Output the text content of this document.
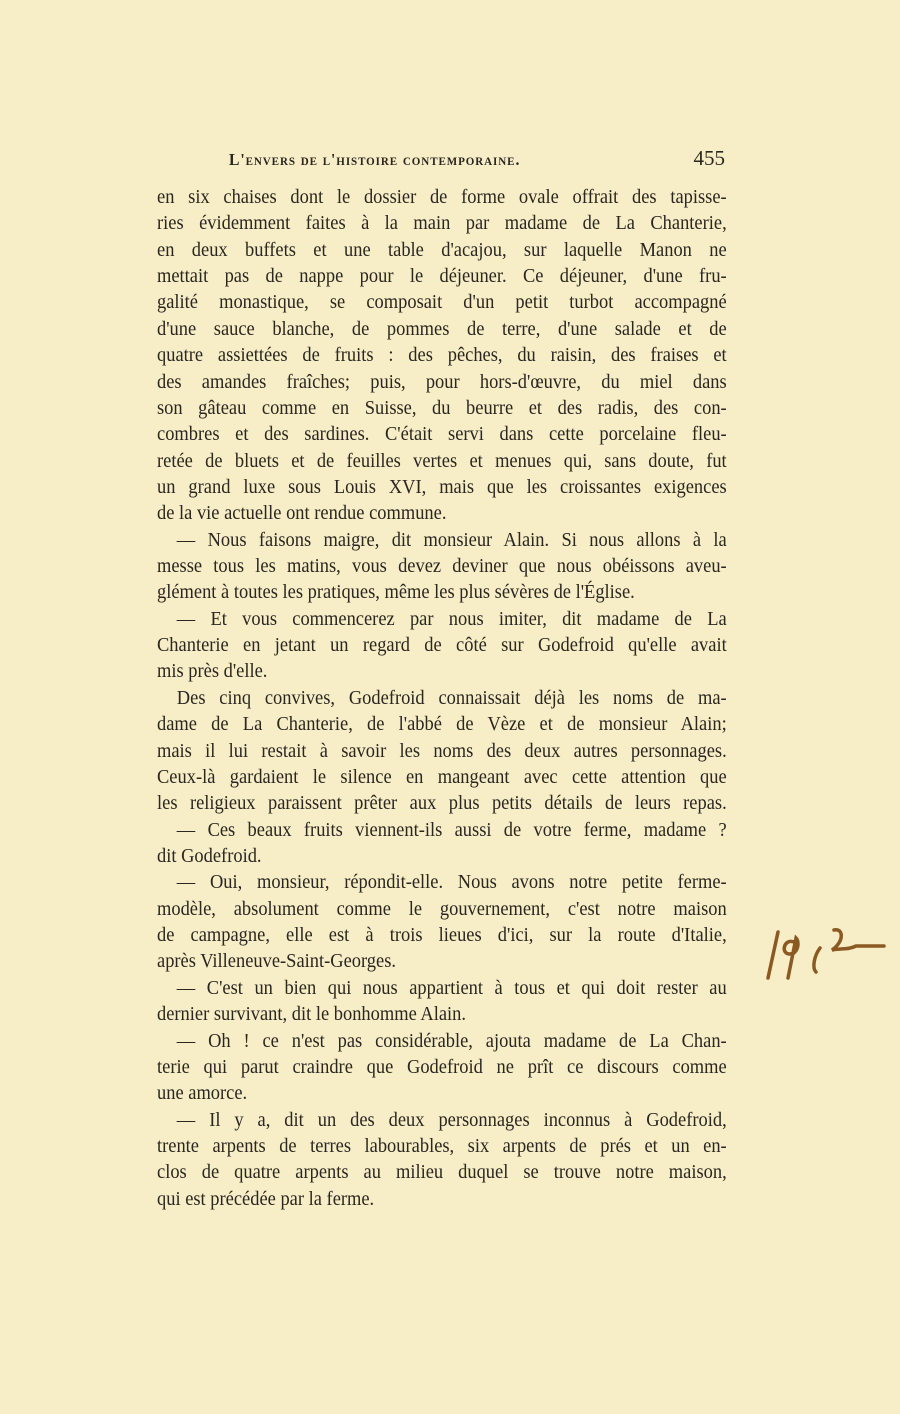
L'envers de l'histoire contemporaine.	455
en six chaises dont le dossier de forme ovale offrait des tapisse-
ries évidemment faites à la main par madame de La Chanterie,
en deux buffets et une table d'acajou, sur laquelle Manon ne
mettait pas de nappe pour le déjeuner. Ce déjeuner, d'une fru-
galité monastique, se composait d'un petit turbot accompagné
d'une sauce blanche, de pommes de terre, d'une salade et de
quatre assiettées de fruits : des pêches, du raisin, des fraises et
des amandes fraîches; puis, pour hors-d'œuvre, du miel dans
son gâteau comme en Suisse, du beurre et des radis, des con-
combres et des sardines. C'était servi dans cette porcelaine fleu-
retée de bluets et de feuilles vertes et menues qui, sans doute, fut
un grand luxe sous Louis XVI, mais que les croissantes exigences
de la vie actuelle ont rendue commune.
— Nous faisons maigre, dit monsieur Alain. Si nous allons à la
messe tous les matins, vous devez deviner que nous obéissons aveu-
glément à toutes les pratiques, même les plus sévères de l'Église.
— Et vous commencerez par nous imiter, dit madame de La
Chanterie en jetant un regard de côté sur Godefroid qu'elle avait
mis près d'elle.
Des cinq convives, Godefroid connaissait déjà les noms de ma-
dame de La Chanterie, de l'abbé de Vèze et de monsieur Alain;
mais il lui restait à savoir les noms des deux autres personnages.
Ceux-là gardaient le silence en mangeant avec cette attention que
les religieux paraissent prêter aux plus petits détails de leurs repas.
— Ces beaux fruits viennent-ils aussi de votre ferme, madame ?
dit Godefroid.
— Oui, monsieur, répondit-elle. Nous avons notre petite ferme-
modèle, absolument comme le gouvernement, c'est notre maison
de campagne, elle est à trois lieues d'ici, sur la route d'Italie,
après Villeneuve-Saint-Georges.
— C'est un bien qui nous appartient à tous et qui doit rester au
dernier survivant, dit le bonhomme Alain.
— Oh ! ce n'est pas considérable, ajouta madame de La Chan-
terie qui parut craindre que Godefroid ne prît ce discours comme
une amorce.
— Il y a, dit un des deux personnages inconnus à Godefroid,
trente arpents de terres labourables, six arpents de prés et un en-
clos de quatre arpents au milieu duquel se trouve notre maison,
qui est précédée par la ferme.
